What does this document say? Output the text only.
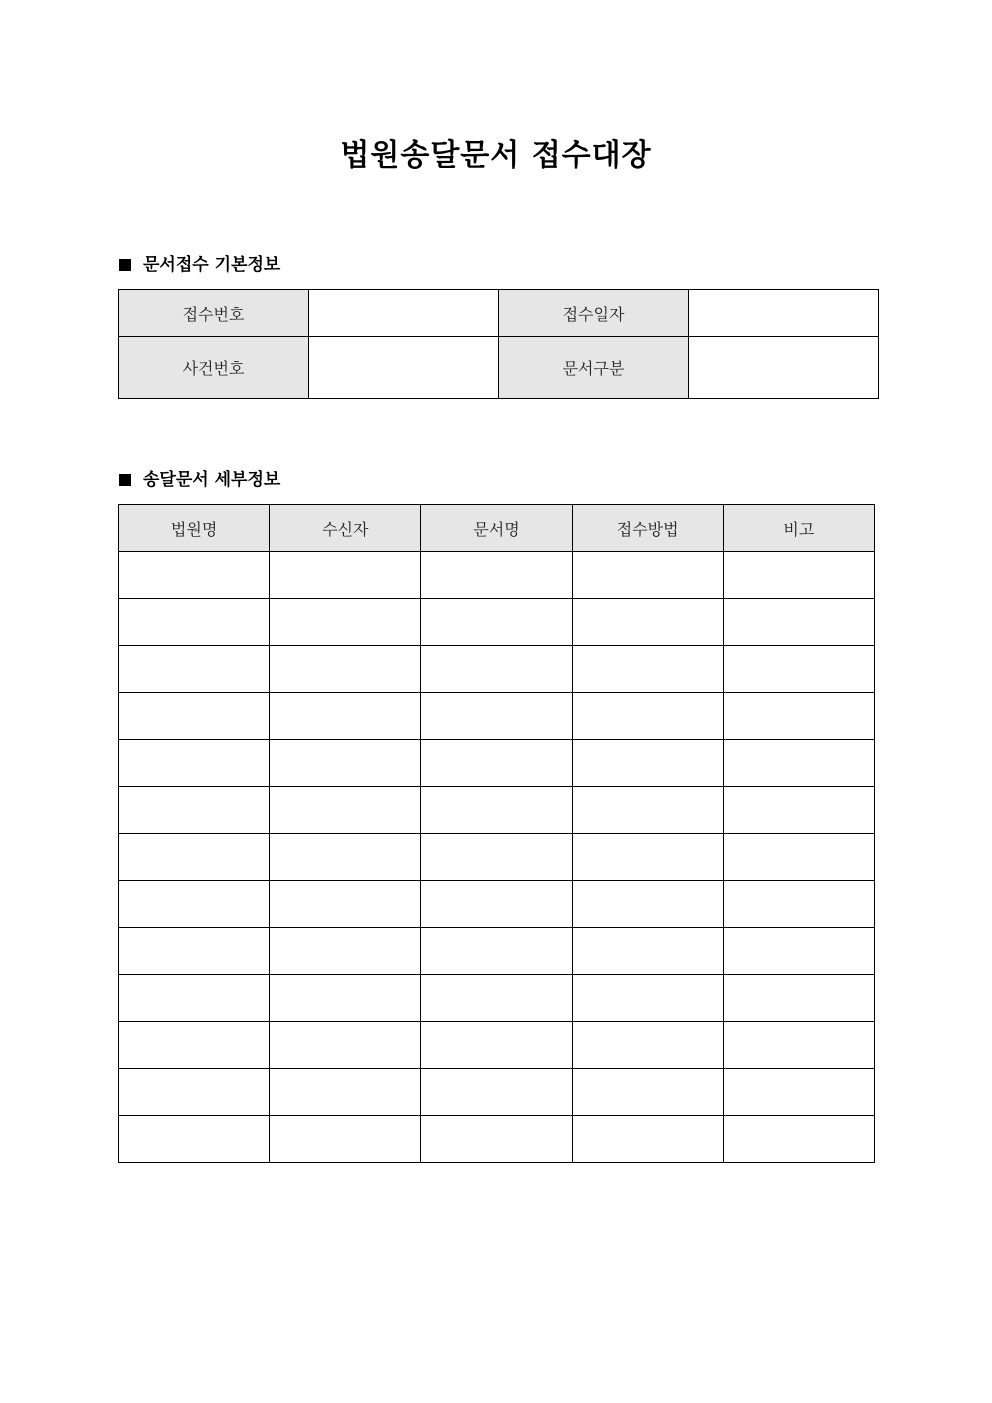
법원송달문서 접수대장
문서접수 기본정보
접수번호		접수일자	
사건번호		문서구분	
송달문서 세부정보
법원명	수신자	문서명	접수방법	비고
